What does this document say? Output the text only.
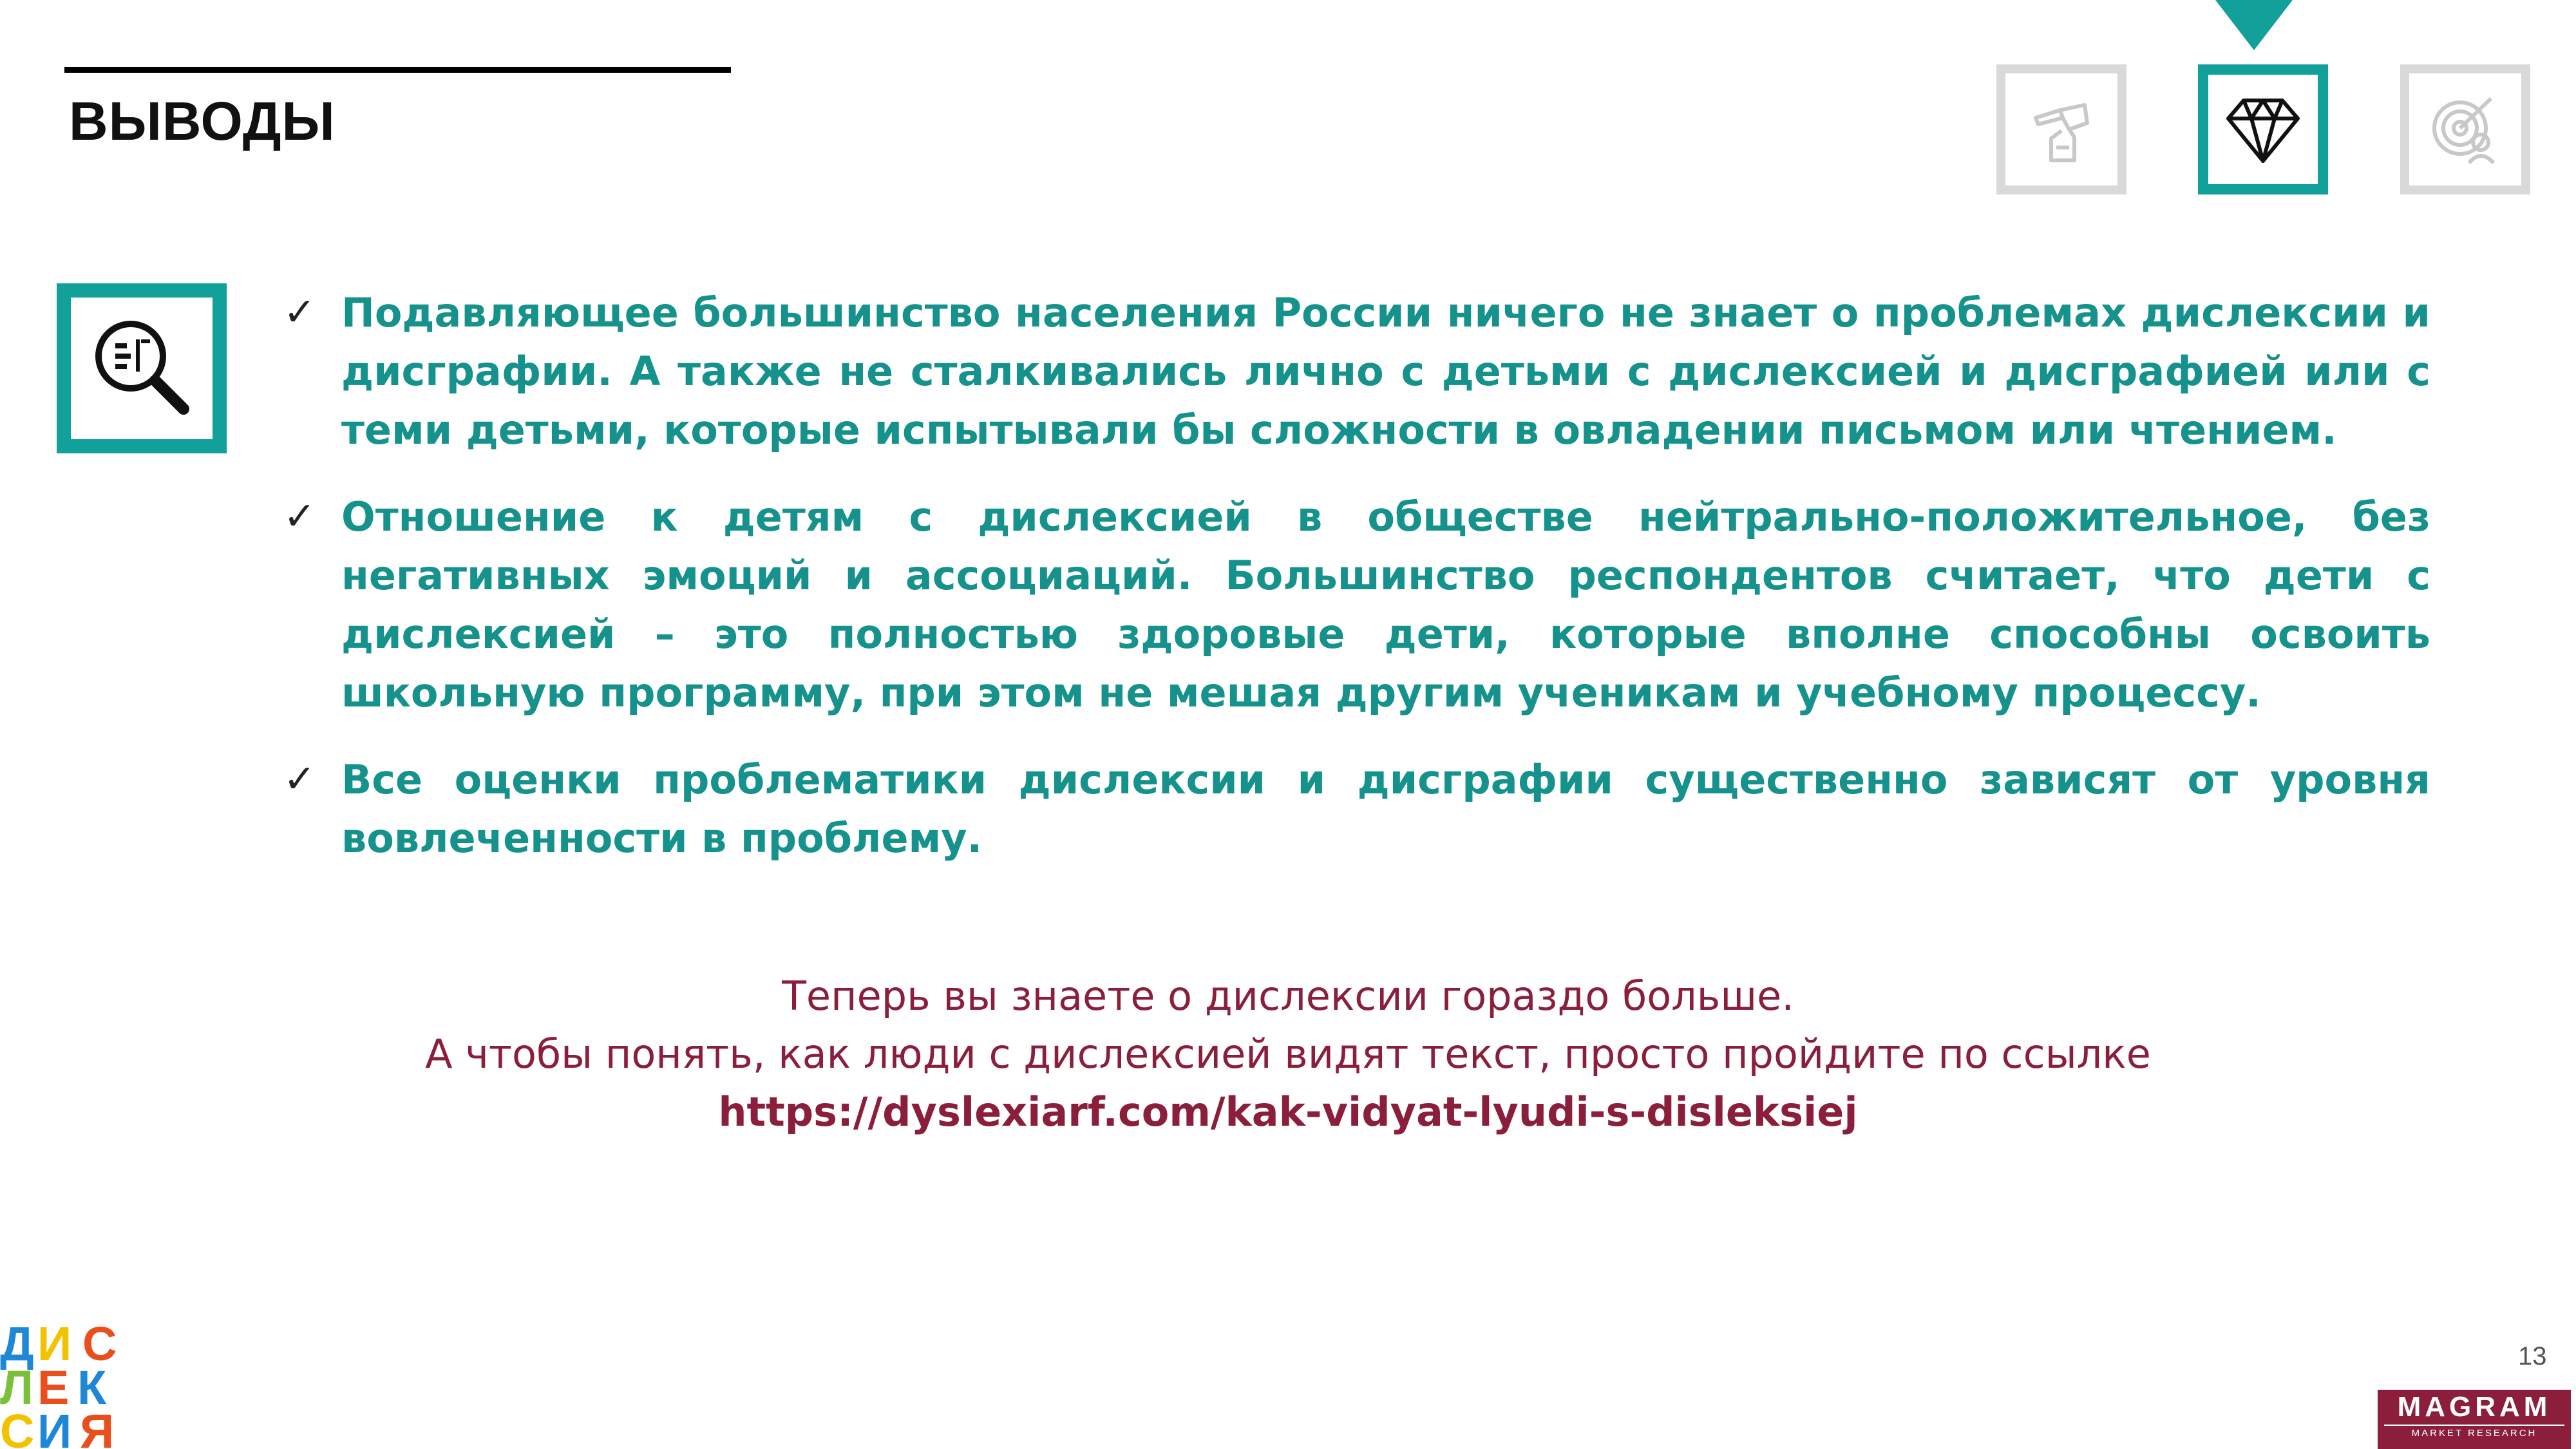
ВЫВОДЫ
✓ Подавляющее большинство населения России ничего не знает о проблемах дислексии и дисграфии. А также не сталкивались лично с детьми с дислексией и дисграфией или с теми детьми, которые испытывали бы сложности в овладении письмом или чтением.
✓ Отношение к детям с дислексией в обществе нейтрально-положительное, без негативных эмоций и ассоциаций. Большинство респондентов считает, что дети с дислексией – это полностью здоровые дети, которые вполне способны освоить школьную программу, при этом не мешая другим ученикам и учебному процессу.
✓ Все оценки проблематики дислексии и дисграфии существенно зависят от уровня вовлеченности в проблему.
Теперь вы знаете о дислексии гораздо больше.
А чтобы понять, как люди с дислексией видят текст, просто пройдите по ссылке
https://dyslexiarf.com/kak-vidyat-lyudi-s-disleksiej
13
Д И С
Л Е К
С И Я	MAGRAM
MARKET RESEARCH
